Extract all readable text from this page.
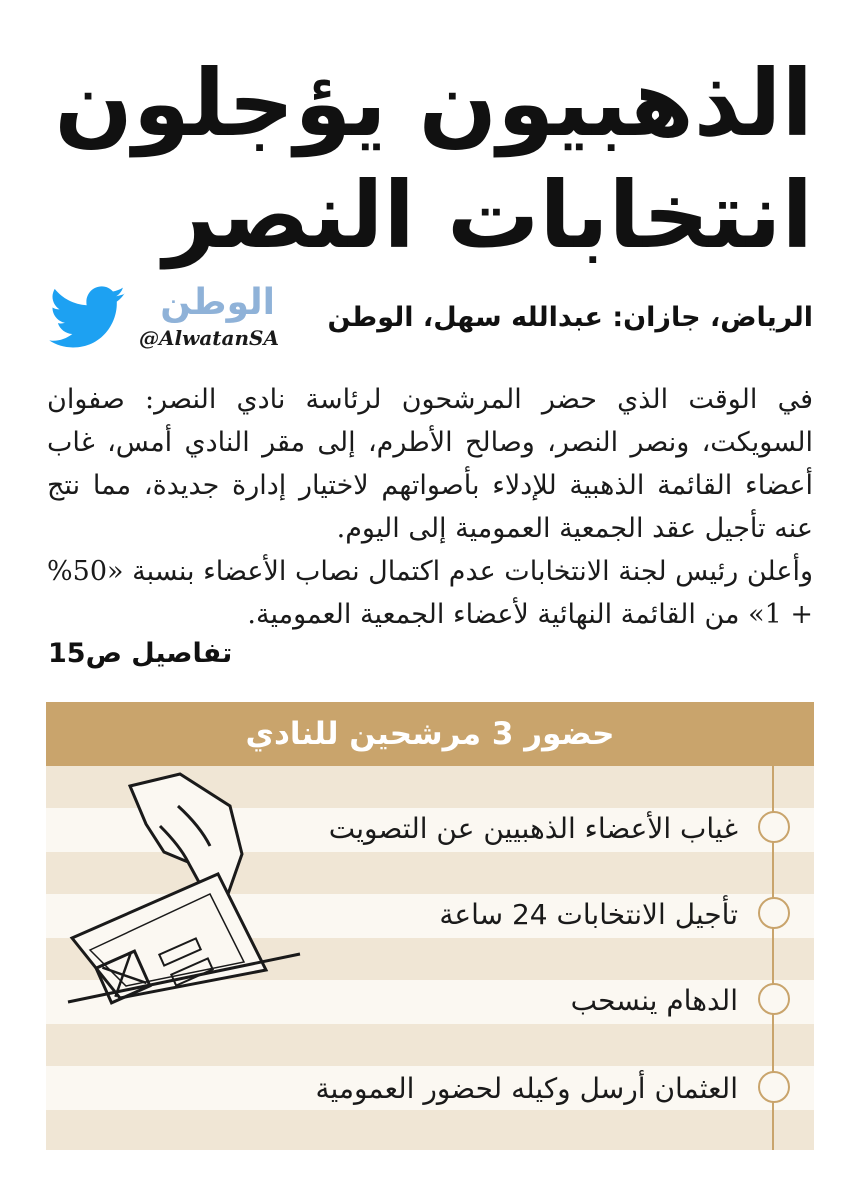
الذهبيون يؤجلون
انتخابات النصر
الوطن
@AlwatanSA
الرياض، جازان: عبدالله سهل، الوطن
في الوقت الذي حضر المرشحون لرئاسة نادي النصر: صفوان السويكت، ونصر النصر، وصالح الأطرم، إلى مقر النادي أمس، غاب أعضاء القائمة الذهبية للإدلاء بأصواتهم لاختيار إدارة جديدة، مما نتج عنه تأجيل عقد الجمعية العمومية إلى اليوم.
وأعلن رئيس لجنة الانتخابات عدم اكتمال نصاب الأعضاء بنسبة «50% + 1» من القائمة النهائية لأعضاء الجمعية العمومية.
تفاصيل ص15
حضور 3 مرشحين للنادي
غياب الأعضاء الذهبيين عن التصويت
تأجيل الانتخابات 24 ساعة
الدهام ينسحب
العثمان أرسل وكيله لحضور العمومية
